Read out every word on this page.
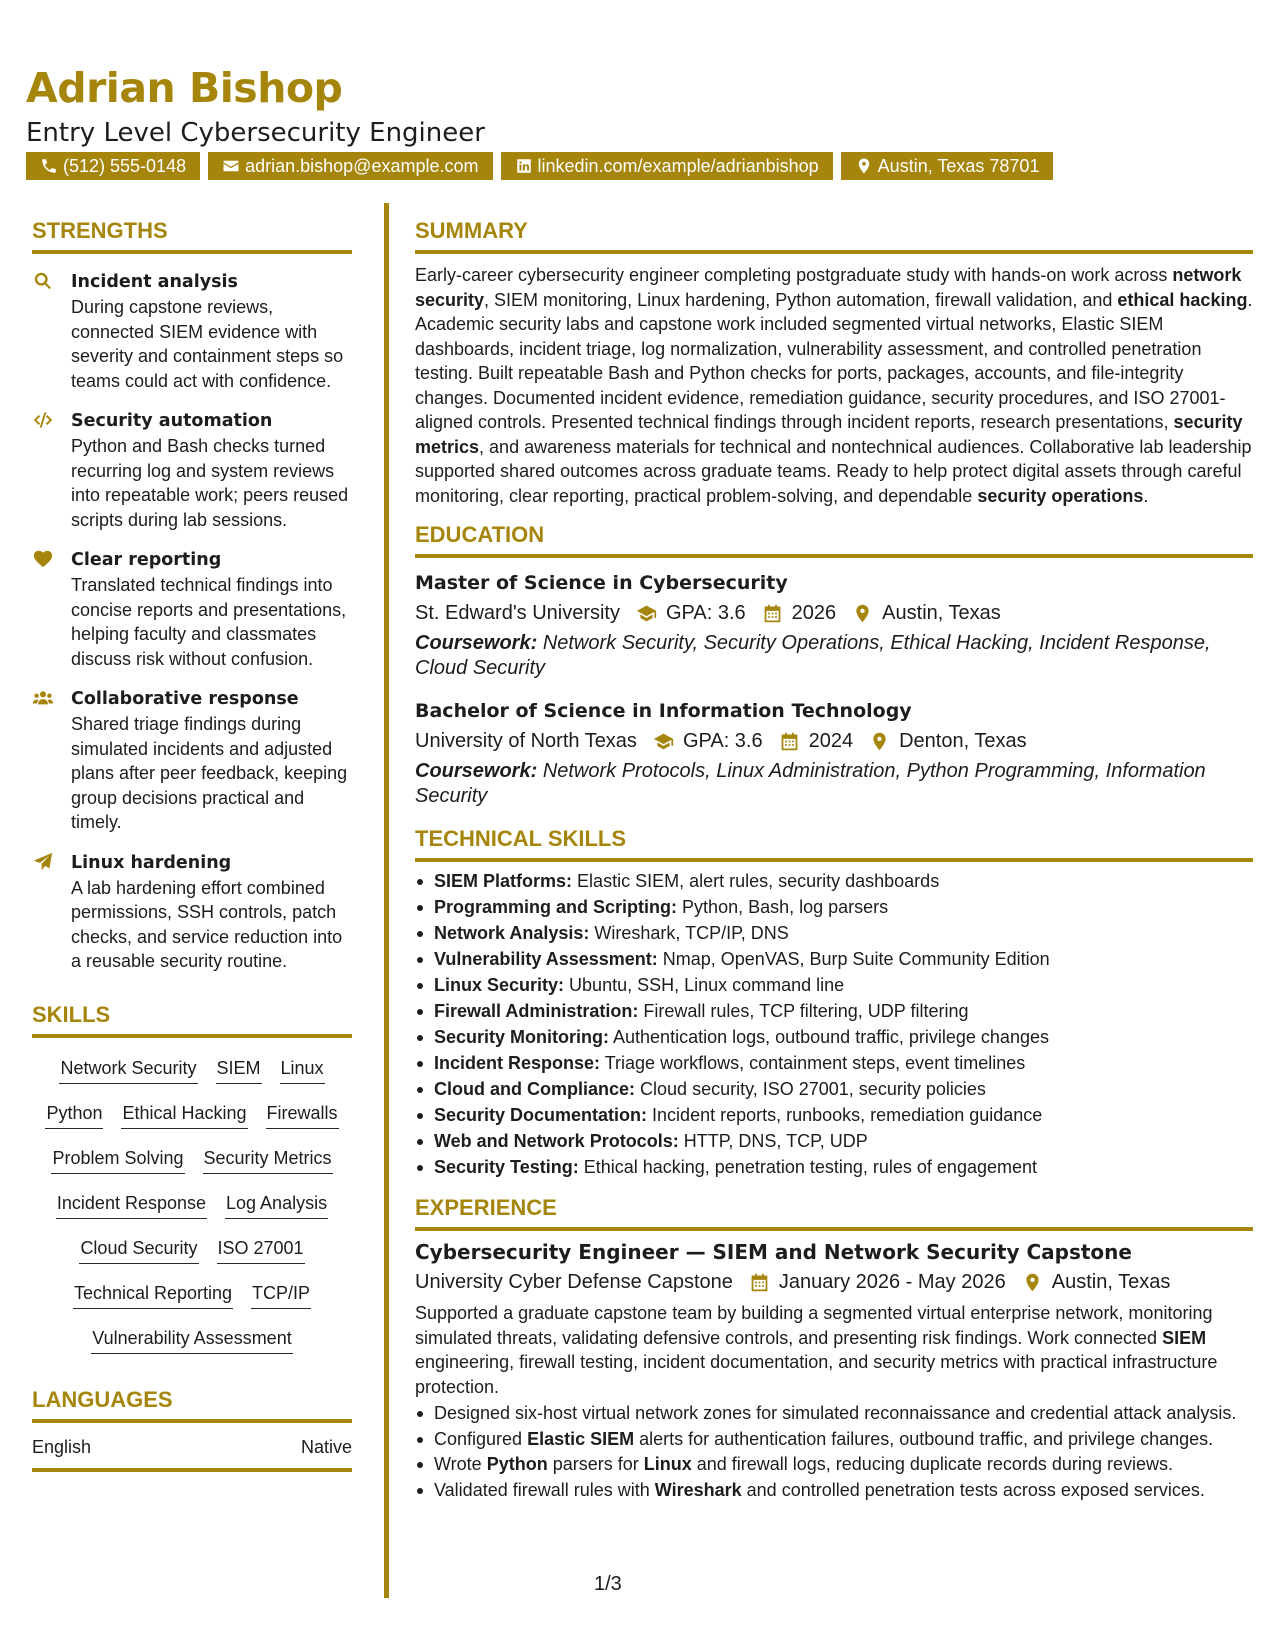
Adrian Bishop
Entry Level Cybersecurity Engineer
(512) 555-0148	adrian.bishop@example.com	linkedin.com/example/adrianbishop	Austin, Texas 78701
STRENGTHS
Incident analysis
During capstone reviews, connected SIEM evidence with severity and containment steps so teams could act with confidence.
Security automation
Python and Bash checks turned recurring log and system reviews into repeatable work; peers reused scripts during lab sessions.
Clear reporting
Translated technical findings into concise reports and presentations, helping faculty and classmates discuss risk without confusion.
Collaborative response
Shared triage findings during simulated incidents and adjusted plans after peer feedback, keeping group decisions practical and timely.
Linux hardening
A lab hardening effort combined permissions, SSH controls, patch checks, and service reduction into a reusable security routine.
SKILLS
Network Security SIEM Linux
Python Ethical Hacking Firewalls
Problem Solving Security Metrics
Incident Response Log Analysis
Cloud Security ISO 27001
Technical Reporting TCP/IP
Vulnerability Assessment
LANGUAGES
English	Native
SUMMARY

Early-career cybersecurity engineer completing postgraduate study with hands-on work across network security, SIEM monitoring, Linux hardening, Python automation, firewall validation, and ethical hacking. Academic security labs and capstone work included segmented virtual networks, Elastic SIEM dashboards, incident triage, log normalization, vulnerability assessment, and controlled penetration testing. Built repeatable Bash and Python checks for ports, packages, accounts, and file-integrity changes. Documented incident evidence, remediation guidance, security procedures, and ISO 27001-aligned controls. Presented technical findings through incident reports, research presentations, security metrics, and awareness materials for technical and nontechnical audiences. Collaborative lab leadership supported shared outcomes across graduate teams. Ready to help protect digital assets through careful monitoring, clear reporting, practical problem-solving, and dependable security operations.

EDUCATION
Master of Science in Cybersecurity
St. Edward's University GPA: 3.6 2026 Austin, Texas
Coursework: Network Security, Security Operations, Ethical Hacking, Incident Response, Cloud Security
Bachelor of Science in Information Technology
University of North Texas GPA: 3.6 2024 Denton, Texas
Coursework: Network Protocols, Linux Administration, Python Programming, Information Security
TECHNICAL SKILLS
SIEM Platforms: Elastic SIEM, alert rules, security dashboards
Programming and Scripting: Python, Bash, log parsers
Network Analysis: Wireshark, TCP/IP, DNS
Vulnerability Assessment: Nmap, OpenVAS, Burp Suite Community Edition
Linux Security: Ubuntu, SSH, Linux command line
Firewall Administration: Firewall rules, TCP filtering, UDP filtering
Security Monitoring: Authentication logs, outbound traffic, privilege changes
Incident Response: Triage workflows, containment steps, event timelines
Cloud and Compliance: Cloud security, ISO 27001, security policies
Security Documentation: Incident reports, runbooks, remediation guidance
Web and Network Protocols: HTTP, DNS, TCP, UDP
Security Testing: Ethical hacking, penetration testing, rules of engagement
EXPERIENCE
Cybersecurity Engineer — SIEM and Network Security Capstone
University Cyber Defense Capstone January 2026 - May 2026 Austin, Texas

Supported a graduate capstone team by building a segmented virtual enterprise network, monitoring simulated threats, validating defensive controls, and presenting risk findings. Work connected SIEM engineering, firewall testing, incident documentation, and security metrics with practical infrastructure protection.

Designed six-host virtual network zones for simulated reconnaissance and credential attack analysis.
Configured Elastic SIEM alerts for authentication failures, outbound traffic, and privilege changes.
Wrote Python parsers for Linux and firewall logs, reducing duplicate records during reviews.
Validated firewall rules with Wireshark and controlled penetration tests across exposed services.
1/3
